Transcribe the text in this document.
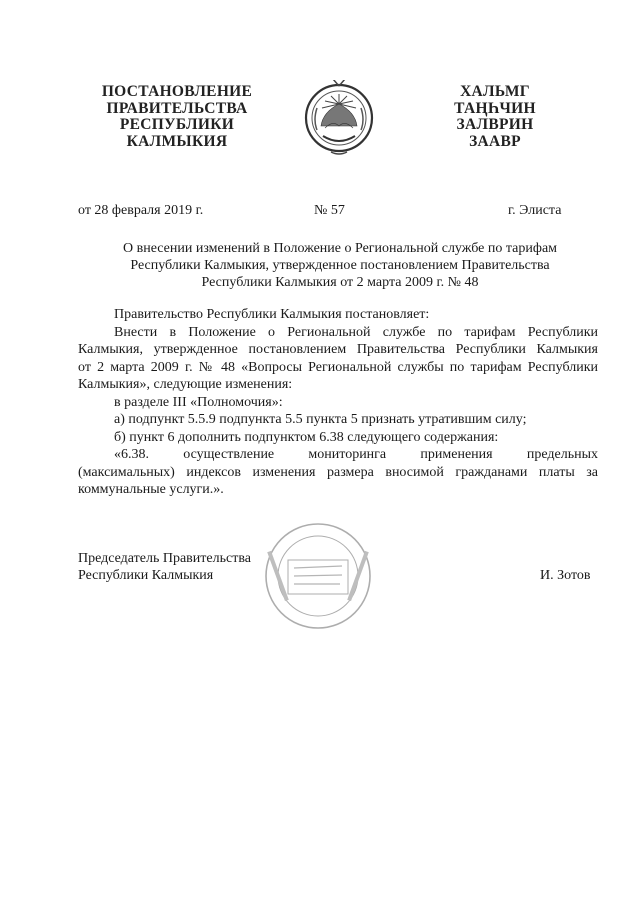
ПОСТАНОВЛЕНИЕ
ПРАВИТЕЛЬСТВА
РЕСПУБЛИКИ
КАЛМЫКИЯ
ХАЛЬМГ
ТАҢҺЧИН
ЗАЛВРИН
ЗААВР
от 28 февраля 2019 г.	№ 57	г. Элиста
О внесении изменений в Положение о Региональной службе по тарифам
Республики Калмыкия, утвержденное постановлением Правительства
Республики Калмыкия от 2 марта 2009 г. № 48
Правительство Республики Калмыкия постановляет:
Внести в Положение о Региональной службе по тарифам Республики
Калмыкия, утвержденное постановлением Правительства Республики Калмыкия
от 2 марта 2009 г. № 48 «Вопросы Региональной службы по тарифам Республики
Калмыкия», следующие изменения:
в разделе III «Полномочия»:
а) подпункт 5.5.9 подпункта 5.5 пункта 5 признать утратившим силу;
б) пункт 6 дополнить подпунктом 6.38 следующего содержания:
«6.38. осуществление мониторинга применения предельных
(максимальных) индексов изменения размера вносимой гражданами платы за
коммунальные услуги.».
Председатель Правительства
Республики Калмыкия	И. Зотов
